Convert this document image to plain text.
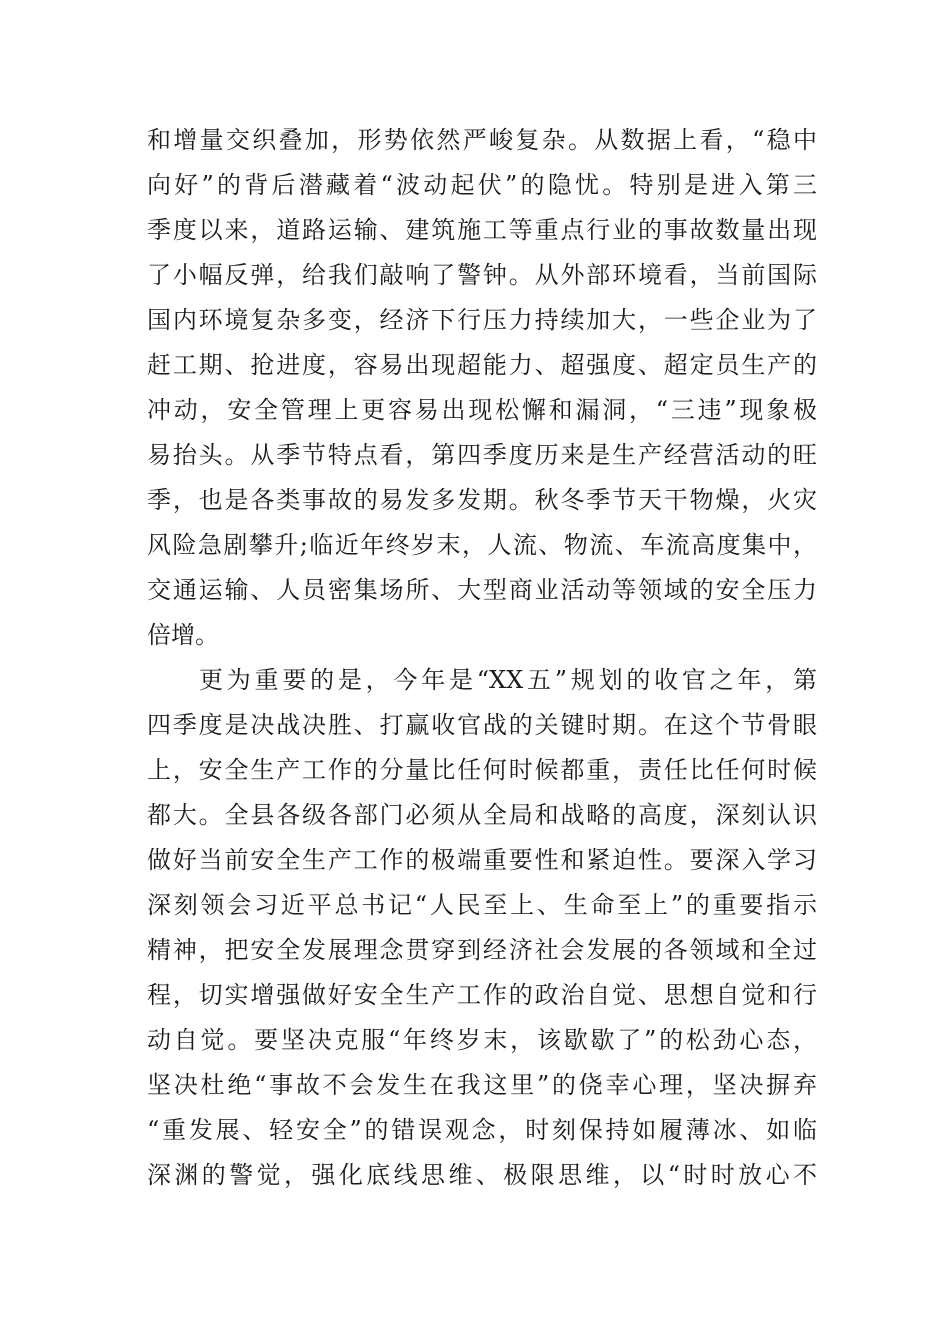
和增量交织叠加，形势依然严峻复杂。从数据上看，“稳中
向好”的背后潜藏着“波动起伏”的隐忧。特别是进入第三
季度以来，道路运输、建筑施工等重点行业的事故数量出现
了小幅反弹，给我们敲响了警钟。从外部环境看，当前国际
国内环境复杂多变，经济下行压力持续加大，一些企业为了
赶工期、抢进度，容易出现超能力、超强度、超定员生产的
冲动，安全管理上更容易出现松懈和漏洞，“三违”现象极
易抬头。从季节特点看，第四季度历来是生产经营活动的旺
季，也是各类事故的易发多发期。秋冬季节天干物燥，火灾
风险急剧攀升;临近年终岁末，人流、物流、车流高度集中，
交通运输、人员密集场所、大型商业活动等领域的安全压力
倍增。
更为重要的是，今年是“XX五”规划的收官之年，第
四季度是决战决胜、打赢收官战的关键时期。在这个节骨眼
上，安全生产工作的分量比任何时候都重，责任比任何时候
都大。全县各级各部门必须从全局和战略的高度，深刻认识
做好当前安全生产工作的极端重要性和紧迫性。要深入学习
深刻领会习近平总书记“人民至上、生命至上”的重要指示
精神，把安全发展理念贯穿到经济社会发展的各领域和全过
程，切实增强做好安全生产工作的政治自觉、思想自觉和行
动自觉。要坚决克服“年终岁末，该歇歇了”的松劲心态，
坚决杜绝“事故不会发生在我这里”的侥幸心理，坚决摒弃
“重发展、轻安全”的错误观念，时刻保持如履薄冰、如临
深渊的警觉，强化底线思维、极限思维，以“时时放心不
